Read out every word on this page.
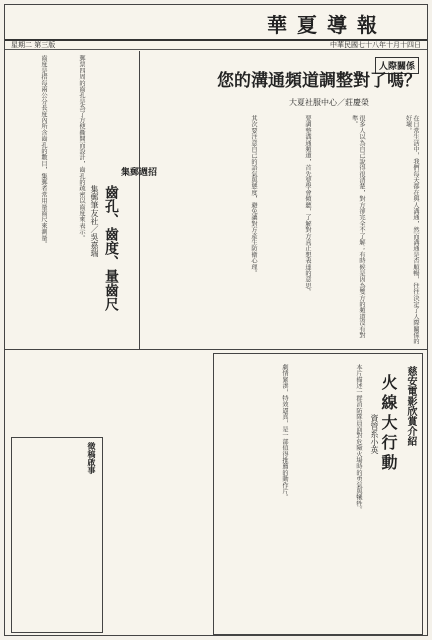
華夏導報
中華民國七十八年十月十四日
星期二 第三版
人際關係
您的溝通頻道調整對了嗎？
大夏社服中心／莊慶榮
在日常生活中，我們每天都在與人溝通，然而溝通是否順暢，往往決定了人際關係的好壞。
很多人以為自己說得很清楚，對方卻完全不了解；有時候是因為雙方的頻道沒有對準。
要調整溝通頻道，首先要學會傾聽，了解對方真正想表達的意思。
其次要注意自己的語氣與態度，避免讓對方產生防衛心理。
集郵週招
齒孔、齒度、量齒尺
集郵筆友社／吳嘉瑞
郵票四周的齒孔是為了方便撕開而設計，齒孔的疏密以齒度來表示。
齒度是指每兩公分長度內所含齒孔的數目，集郵者常用量齒尺來測量。
慈安電影欣賞介紹
火線大行動
資管系小英
本片描述一群消防隊員面對危險火場時的勇氣與犧牲。
劇情緊湊，特效逼真，是一部值得推薦的動作片。
徵稿啟事
